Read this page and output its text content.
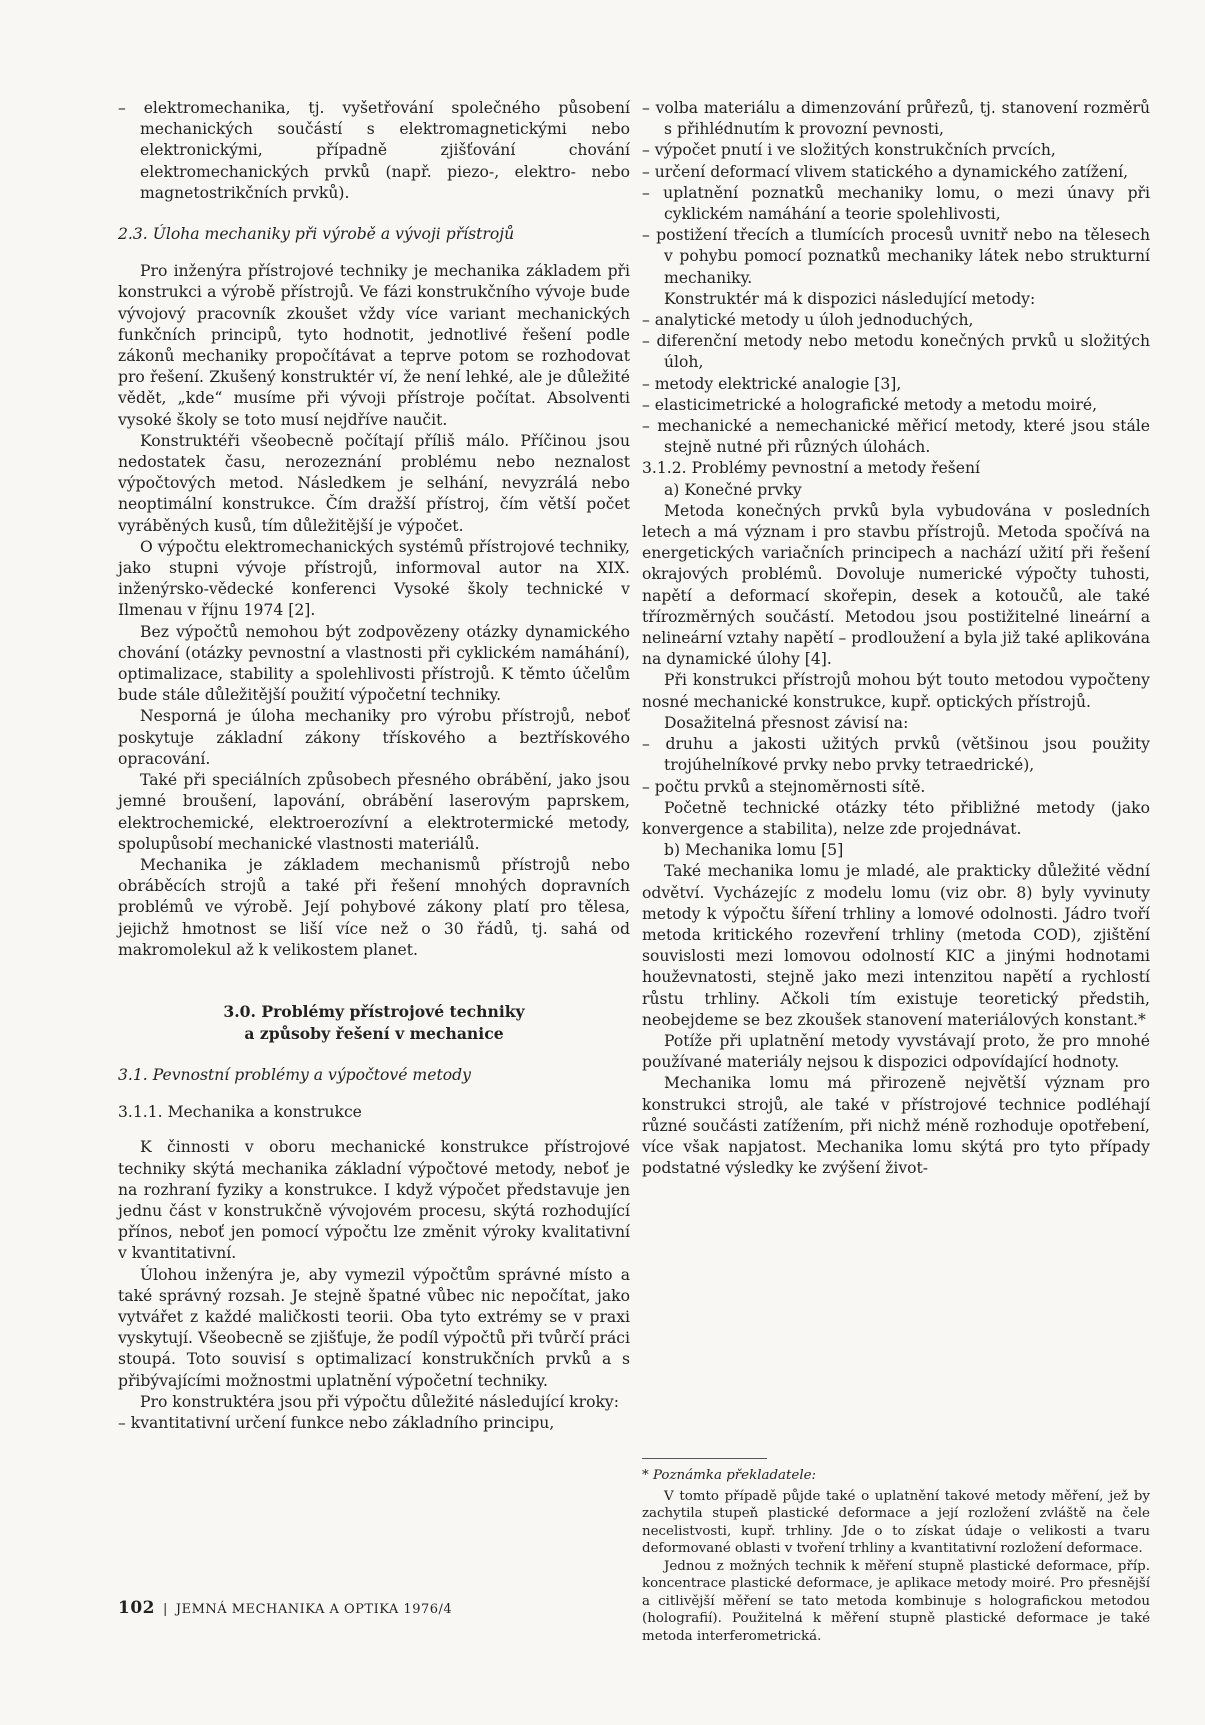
– elektromechanika, tj. vyšetřování společného působení mechanických součástí s elektromagnetickými nebo elektronickými, případně zjišťování chování elektromechanických prvků (např. piezo-, elektro- nebo magnetostrikčních prvků).

2.3. Úloha mechaniky při výrobě a vývoji přístrojů

Pro inženýra přístrojové techniky je mechanika základem při konstrukci a výrobě přístrojů. Ve fázi konstrukčního vývoje bude vývojový pracovník zkoušet vždy více variant mechanických funkčních principů, tyto hodnotit, jednotlivé řešení podle zákonů mechaniky propočítávat a teprve potom se rozhodovat pro řešení. Zkušený konstruktér ví, že není lehké, ale je důležité vědět, „kde“ musíme při vývoji přístroje počítat. Absolventi vysoké školy se toto musí nejdříve naučit.

Konstruktéři všeobecně počítají příliš málo. Příčinou jsou nedostatek času, nerozeznání problému nebo neznalost výpočtových metod. Následkem je selhání, nevyzrálá nebo neoptimální konstrukce. Čím dražší přístroj, čím větší počet vyráběných kusů, tím důležitější je výpočet.

O výpočtu elektromechanických systémů přístrojové techniky, jako stupni vývoje přístrojů, informoval autor na XIX. inženýrsko-vědecké konferenci Vysoké školy technické v Ilmenau v říjnu 1974 [2].

Bez výpočtů nemohou být zodpovězeny otázky dynamického chování (otázky pevnostní a vlastnosti při cyklickém namáhání), optimalizace, stability a spolehlivosti přístrojů. K těmto účelům bude stále důležitější použití výpočetní techniky.

Nesporná je úloha mechaniky pro výrobu přístrojů, neboť poskytuje základní zákony třískového a beztřískového opracování.

Také při speciálních způsobech přesného obrábění, jako jsou jemné broušení, lapování, obrábění laserovým paprskem, elektrochemické, elektroerozívní a elektrotermické metody, spolupůsobí mechanické vlastnosti materiálů.

Mechanika je základem mechanismů přístrojů nebo obráběcích strojů a také při řešení mnohých dopravních problémů ve výrobě. Její pohybové zákony platí pro tělesa, jejichž hmotnost se liší více než o 30 řádů, tj. sahá od makromolekul až k velikostem planet.

3.0. Problémy přístrojové techniky
a způsoby řešení v mechanice

3.1. Pevnostní problémy a výpočtové metody

3.1.1. Mechanika a konstrukce

K činnosti v oboru mechanické konstrukce přístrojové techniky skýtá mechanika základní výpočtové metody, neboť je na rozhraní fyziky a konstrukce. I když výpočet představuje jen jednu část v konstrukčně vývojovém procesu, skýtá rozhodující přínos, neboť jen pomocí výpočtu lze změnit výroky kvalitativní v kvantitativní.

Úlohou inženýra je, aby vymezil výpočtům správné místo a také správný rozsah. Je stejně špatné vůbec nic nepočítat, jako vytvářet z každé maličkosti teorii. Oba tyto extrémy se v praxi vyskytují. Všeobecně se zjišťuje, že podíl výpočtů při tvůrčí práci stoupá. Toto souvisí s optimalizací konstrukčních prvků a s přibývajícími možnostmi uplatnění výpočetní techniky.

Pro konstruktéra jsou při výpočtu důležité následující kroky:

– kvantitativní určení funkce nebo základního principu,

– volba materiálu a dimenzování průřezů, tj. stanovení rozměrů s přihlédnutím k provozní pevnosti,

– výpočet pnutí i ve složitých konstrukčních prvcích,

– určení deformací vlivem statického a dynamického zatížení,

– uplatnění poznatků mechaniky lomu, o mezi únavy při cyklickém namáhání a teorie spolehlivosti,

– postižení třecích a tlumících procesů uvnitř nebo na tělesech v pohybu pomocí poznatků mechaniky látek nebo strukturní mechaniky.

Konstruktér má k dispozici následující metody:

– analytické metody u úloh jednoduchých,

– diferenční metody nebo metodu konečných prvků u složitých úloh,

– metody elektrické analogie [3],

– elasticimetrické a holografické metody a metodu moiré,

– mechanické a nemechanické měřicí metody, které jsou stále stejně nutné při různých úlohách.

3.1.2. Problémy pevnostní a metody řešení

a) Konečné prvky

Metoda konečných prvků byla vybudována v posledních letech a má význam i pro stavbu přístrojů. Metoda spočívá na energetických variačních principech a nachází užití při řešení okrajových problémů. Dovoluje numerické výpočty tuhosti, napětí a deformací skořepin, desek a kotoučů, ale také třírozměrných součástí. Metodou jsou postižitelné lineární a nelineární vztahy napětí – prodloužení a byla již také aplikována na dynamické úlohy [4].

Při konstrukci přístrojů mohou být touto metodou vypočteny nosné mechanické konstrukce, kupř. optických přístrojů.

Dosažitelná přesnost závisí na:

– druhu a jakosti užitých prvků (většinou jsou použity trojúhelníkové prvky nebo prvky tetraedrické),

– počtu prvků a stejnoměrnosti sítě.

Početně technické otázky této přibližné metody (jako konvergence a stabilita), nelze zde projednávat.

b) Mechanika lomu [5]

Také mechanika lomu je mladé, ale prakticky důležité vědní odvětví. Vycházejíc z modelu lomu (viz obr. 8) byly vyvinuty metody k výpočtu šíření trhliny a lomové odolnosti. Jádro tvoří metoda kritického rozevření trhliny (metoda COD), zjištění souvislosti mezi lomovou odolností KIC a jinými hodnotami houževnatosti, stejně jako mezi intenzitou napětí a rychlostí růstu trhliny. Ačkoli tím existuje teoretický předstih, neobejdeme se bez zkoušek stanovení materiálových konstant.*

Potíže při uplatnění metody vyvstávají proto, že pro mnohé používané materiály nejsou k dispozici odpovídající hodnoty.

Mechanika lomu má přirozeně největší význam pro konstrukci strojů, ale také v přístrojové technice podléhají různé součásti zatížením, při nichž méně rozhoduje opotřebení, více však napjatost. Mechanika lomu skýtá pro tyto případy podstatné výsledky ke zvýšení život-

* Poznámka překladatele:

V tomto případě půjde také o uplatnění takové metody měření, jež by zachytila stupeň plastické deformace a její rozložení zvláště na čele necelistvosti, kupř. trhliny. Jde o to získat údaje o velikosti a tvaru deformované oblasti v tvoření trhliny a kvantitativní rozložení deformace.

Jednou z možných technik k měření stupně plastické deformace, příp. koncentrace plastické deformace, je aplikace metody moiré. Pro přesnější a citlivější měření se tato metoda kombinuje s holografickou metodou (holografií). Použitelná k měření stupně plastické deformace je také metoda interferometrická.

102 | JEMNÁ MECHANIKA A OPTIKA 1976/4
